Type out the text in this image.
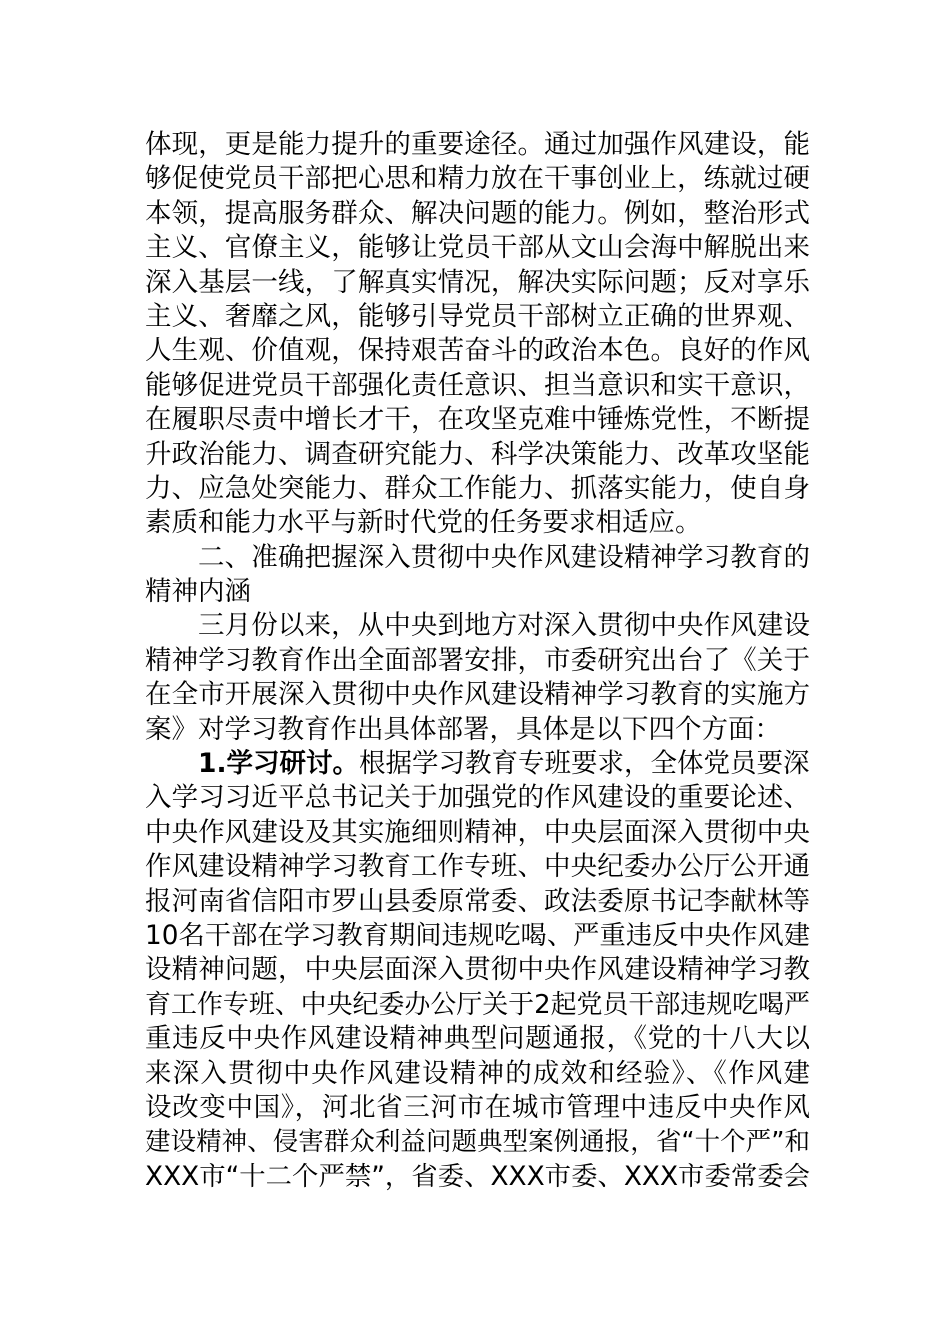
体现，更是能力提升的重要途径。通过加强作风建设，能
够促使党员干部把心思和精力放在干事创业上，练就过硬
本领，提高服务群众、解决问题的能力。例如，整治形式
主义、官僚主义，能够让党员干部从文山会海中解脱出来
深入基层一线，了解真实情况，解决实际问题；反对享乐
主义、奢靡之风，能够引导党员干部树立正确的世界观、
人生观、价值观，保持艰苦奋斗的政治本色。良好的作风
能够促进党员干部强化责任意识、担当意识和实干意识，
在履职尽责中增长才干，在攻坚克难中锤炼党性，不断提
升政治能力、调查研究能力、科学决策能力、改革攻坚能
力、应急处突能力、群众工作能力、抓落实能力，使自身
素质和能力水平与新时代党的任务要求相适应。
二、准确把握深入贯彻中央作风建设精神学习教育的
精神内涵
三月份以来，从中央到地方对深入贯彻中央作风建设
精神学习教育作出全面部署安排，市委研究出台了《关于
在全市开展深入贯彻中央作风建设精神学习教育的实施方
案》对学习教育作出具体部署，具体是以下四个方面：
1.学习研讨。根据学习教育专班要求，全体党员要深
入学习习近平总书记关于加强党的作风建设的重要论述、
中央作风建设及其实施细则精神，中央层面深入贯彻中央
作风建设精神学习教育工作专班、中央纪委办公厅公开通
报河南省信阳市罗山县委原常委、政法委原书记李献林等
10名干部在学习教育期间违规吃喝、严重违反中央作风建
设精神问题，中央层面深入贯彻中央作风建设精神学习教
育工作专班、中央纪委办公厅关于2起党员干部违规吃喝严
重违反中央作风建设精神典型问题通报，《党的十八大以
来深入贯彻中央作风建设精神的成效和经验》、《作风建
设改变中国》，河北省三河市在城市管理中违反中央作风
建设精神、侵害群众利益问题典型案例通报，省“十个严”和
XXX市“十二个严禁”，省委、XXX市委、XXX市委常委会
